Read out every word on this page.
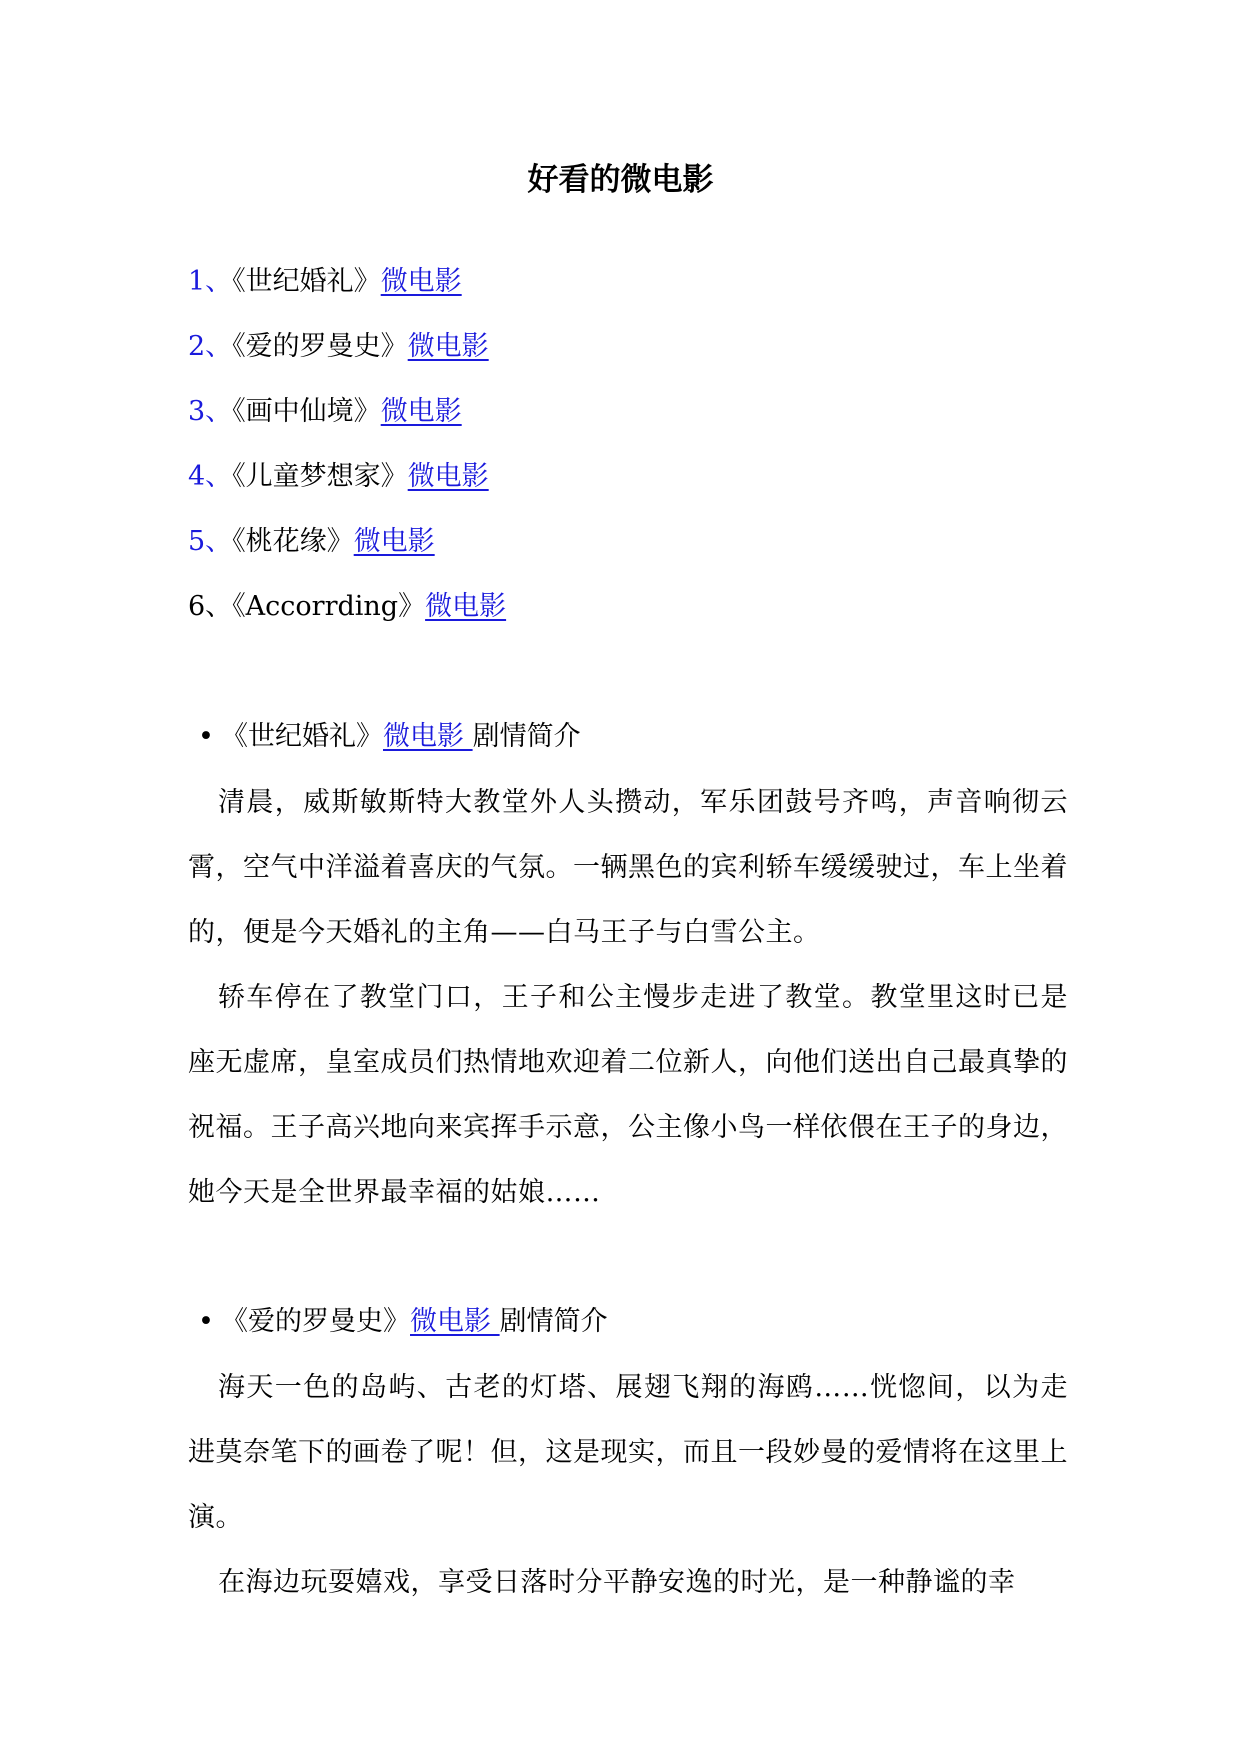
好看的微电影
1、《世纪婚礼》微电影
2、《爱的罗曼史》微电影
3、《画中仙境》微电影
4、《儿童梦想家》微电影
5、《桃花缘》微电影
6、《Accorrding》微电影
• 《世纪婚礼》微电影 剧情简介

清晨，威斯敏斯特大教堂外人头攒动，军乐团鼓号齐鸣，声音响彻云霄，空气中洋溢着喜庆的气氛。一辆黑色的宾利轿车缓缓驶过，车上坐着的，便是今天婚礼的主角——白马王子与白雪公主。

轿车停在了教堂门口，王子和公主慢步走进了教堂。教堂里这时已是座无虚席，皇室成员们热情地欢迎着二位新人，向他们送出自己最真挚的祝福。王子高兴地向来宾挥手示意，公主像小鸟一样依偎在王子的身边，她今天是全世界最幸福的姑娘……

• 《爱的罗曼史》微电影 剧情简介

海天一色的岛屿、古老的灯塔、展翅飞翔的海鸥……恍惚间，以为走进莫奈笔下的画卷了呢！但，这是现实，而且一段妙曼的爱情将在这里上演。

在海边玩耍嬉戏，享受日落时分平静安逸的时光，是一种静谧的幸
